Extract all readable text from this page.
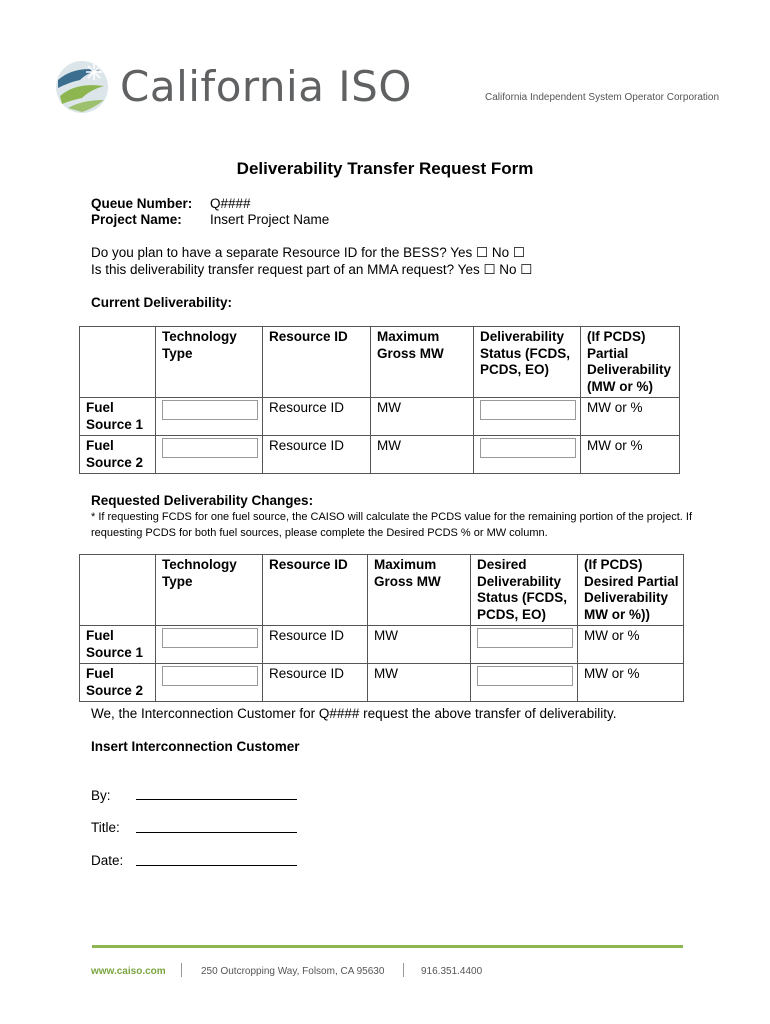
California ISO	California Independent System Operator Corporation
Deliverability Transfer Request Form
Queue Number: Q####
Project Name: Insert Project Name
Do you plan to have a separate Resource ID for the BESS? Yes ☐ No ☐
Is this deliverability transfer request part of an MMA request? Yes ☐ No ☐
Current Deliverability:
	Technology Type	Resource ID	Maximum Gross MW	Deliverability Status (FCDS, PCDS, EO)	(If PCDS) Partial Deliverability (MW or %)
Fuel Source 1		Resource ID	MW		MW or %
Fuel Source 2		Resource ID	MW		MW or %
Requested Deliverability Changes:
* If requesting FCDS for one fuel source, the CAISO will calculate the PCDS value for the remaining portion of the project. If requesting PCDS for both fuel sources, please complete the Desired PCDS % or MW column.
	Technology Type	Resource ID	Maximum Gross MW	Desired Deliverability Status (FCDS, PCDS, EO)	(If PCDS) Desired Partial Deliverability MW or %))
Fuel Source 1		Resource ID	MW		MW or %
Fuel Source 2		Resource ID	MW		MW or %
We, the Interconnection Customer for Q#### request the above transfer of deliverability.
Insert Interconnection Customer
By:
Title:
Date:
www.caiso.com	250 Outcropping Way, Folsom, CA 95630	916.351.4400
